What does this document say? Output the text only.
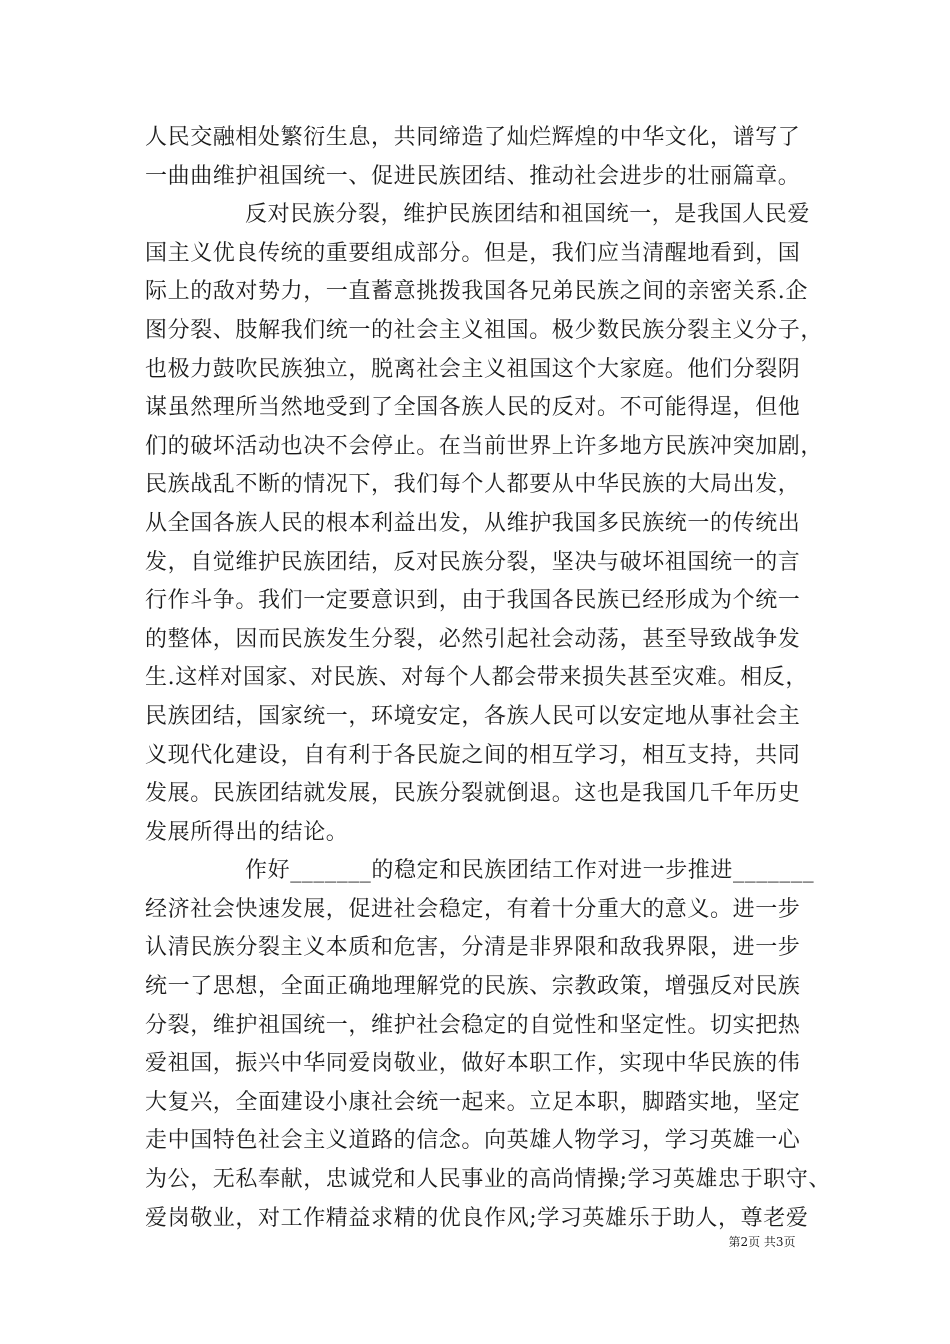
人民交融相处繁衍生息，共同缔造了灿烂辉煌的中华文化，谱写了
一曲曲维护祖国统一、促进民族团结、推动社会进步的壮丽篇章。
反对民族分裂，维护民族团结和祖国统一，是我国人民爱
国主义优良传统的重要组成部分。但是，我们应当清醒地看到，国
际上的敌对势力，一直蓄意挑拨我国各兄弟民族之间的亲密关系.企
图分裂、肢解我们统一的社会主义祖国。极少数民族分裂主义分子，
也极力鼓吹民族独立，脱离社会主义祖国这个大家庭。他们分裂阴
谋虽然理所当然地受到了全国各族人民的反对。不可能得逞，但他
们的破坏活动也决不会停止。在当前世界上许多地方民族冲突加剧，
民族战乱不断的情况下，我们每个人都要从中华民族的大局出发，
从全国各族人民的根本利益出发，从维护我国多民族统一的传统出
发，自觉维护民族团结，反对民族分裂，坚决与破坏祖国统一的言
行作斗争。我们一定要意识到，由于我国各民族已经形成为个统一
的整体，因而民族发生分裂，必然引起社会动荡，甚至导致战争发
生.这样对国家、对民族、对每个人都会带来损失甚至灾难。相反，
民族团结，国家统一，环境安定，各族人民可以安定地从事社会主
义现代化建设，自有利于各民旋之间的相互学习，相互支持，共同
发展。民族团结就发展，民族分裂就倒退。这也是我国几千年历史
发展所得出的结论。
作好_______的稳定和民族团结工作对进一步推进_______
经济社会快速发展，促进社会稳定，有着十分重大的意义。进一步
认清民族分裂主义本质和危害，分清是非界限和敌我界限，进一步
统一了思想，全面正确地理解党的民族、宗教政策，增强反对民族
分裂，维护祖国统一，维护社会稳定的自觉性和坚定性。切实把热
爱祖国，振兴中华同爱岗敬业，做好本职工作，实现中华民族的伟
大复兴，全面建设小康社会统一起来。立足本职，脚踏实地，坚定
走中国特色社会主义道路的信念。向英雄人物学习，学习英雄一心
为公，无私奉献，忠诚党和人民事业的高尚情操;学习英雄忠于职守、
爱岗敬业，对工作精益求精的优良作风;学习英雄乐于助人，尊老爱
第2页 共3页
